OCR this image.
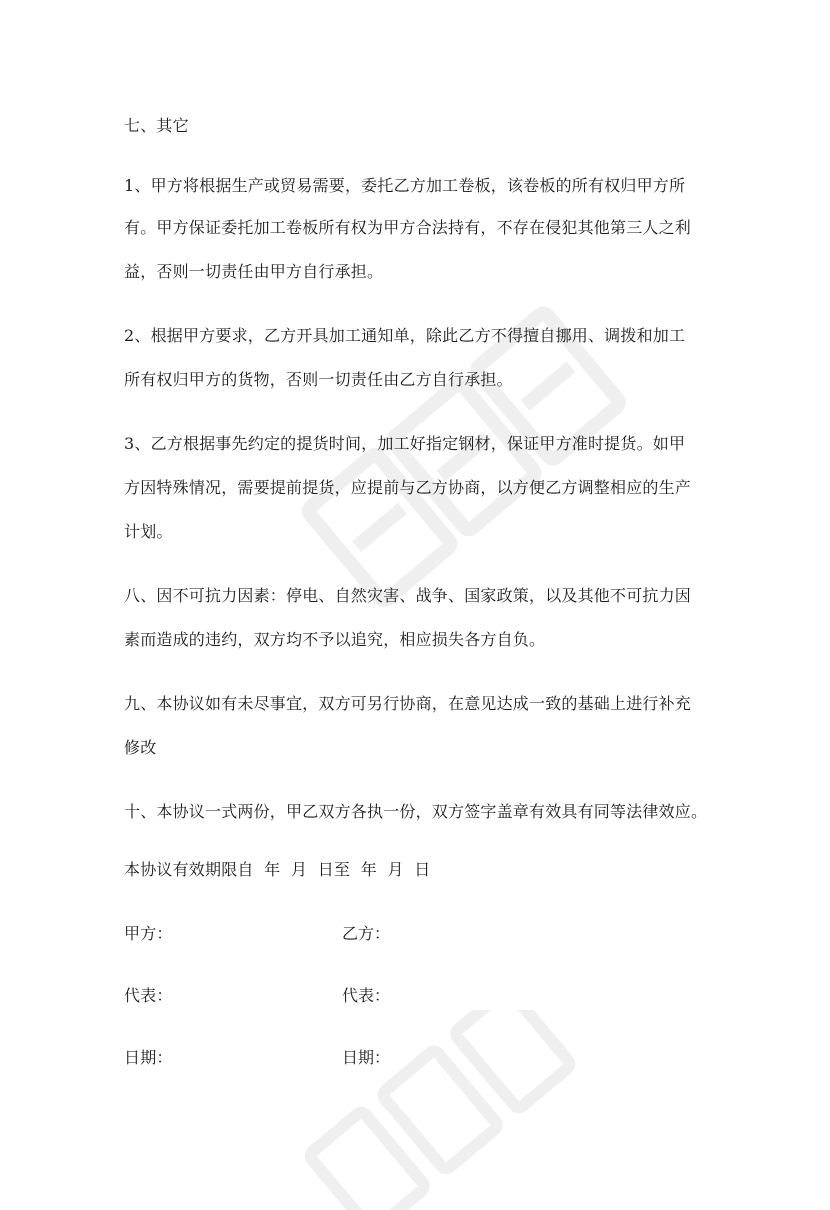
七、其它
1、甲方将根据生产或贸易需要，委托乙方加工卷板，该卷板的所有权归甲方所
有。甲方保证委托加工卷板所有权为甲方合法持有，不存在侵犯其他第三人之利
益，否则一切责任由甲方自行承担。
2、根据甲方要求，乙方开具加工通知单，除此乙方不得擅自挪用、调拨和加工
所有权归甲方的货物，否则一切责任由乙方自行承担。
3、乙方根据事先约定的提货时间，加工好指定钢材，保证甲方准时提货。如甲
方因特殊情况，需要提前提货，应提前与乙方协商，以方便乙方调整相应的生产
计划。
八、因不可抗力因素：停电、自然灾害、战争、国家政策，以及其他不可抗力因
素而造成的违约，双方均不予以追究，相应损失各方自负。
九、本协议如有未尽事宜，双方可另行协商，在意见达成一致的基础上进行补充
修改
十、本协议一式两份，甲乙双方各执一份，双方签字盖章有效具有同等法律效应。
本协议有效期限自  年  月  日至  年  月  日
甲方：	乙方：
代表：	代表：
日期：	日期：
